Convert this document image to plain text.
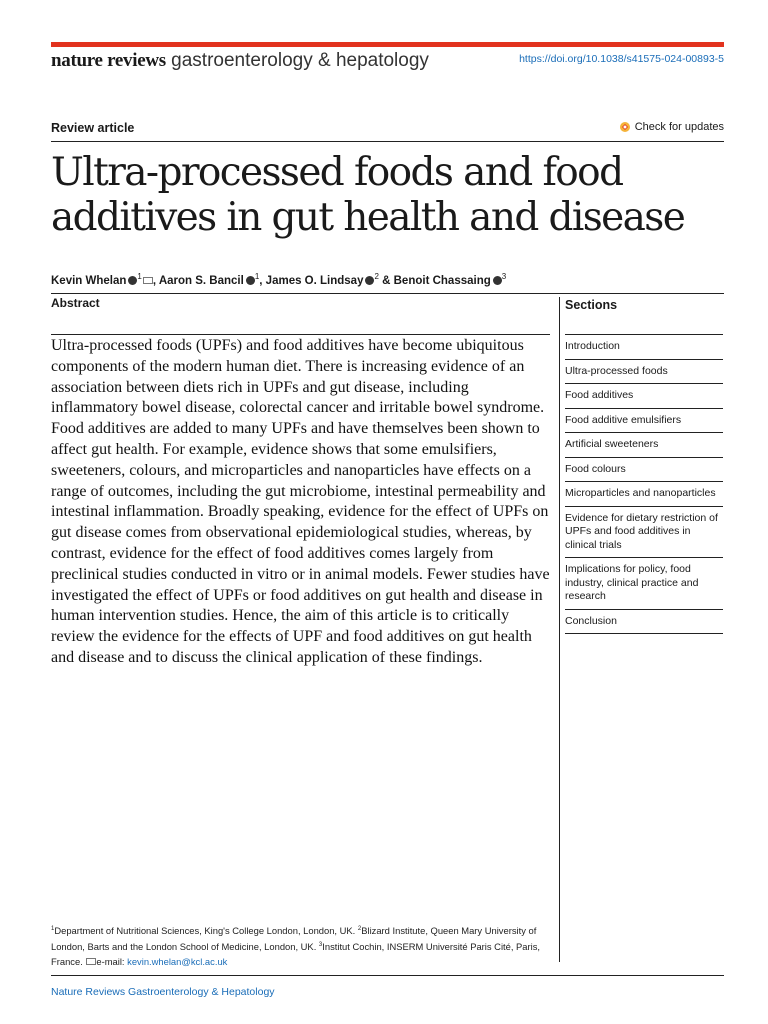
nature reviews gastroenterology & hepatology	https://doi.org/10.1038/s41575-024-00893-5
Review article	Check for updates
Ultra-processed foods and food additives in gut health and disease
Kevin Whelan $^1$ , Aaron S. Bancil $^1$, James O. Lindsay $^2$ & Benoit Chassaing $^3$
Abstract

Ultra-processed foods (UPFs) and food additives have become ubiquitous components of the modern human diet. There is increasing evidence of an association between diets rich in UPFs and gut disease, including inflammatory bowel disease, colorectal cancer and irritable bowel syndrome. Food additives are added to many UPFs and have themselves been shown to affect gut health. For example, evidence shows that some emulsifiers, sweeteners, colours, and microparticles and nanoparticles have effects on a range of outcomes, including the gut microbiome, intestinal permeability and intestinal inflammation. Broadly speaking, evidence for the effect of UPFs on gut disease comes from observational epidemiological studies, whereas, by contrast, evidence for the effect of food additives comes largely from preclinical studies conducted in vitro or in animal models. Fewer studies have investigated the effect of UPFs or food additives on gut health and disease in human intervention studies. Hence, the aim of this article is to critically review the evidence for the effects of UPF and food additives on gut health and disease and to discuss the clinical application of these findings.

Sections
Introduction
Ultra-processed foods
Food additives
Food additive emulsifiers
Artificial sweeteners
Food colours
Microparticles and nanoparticles
Evidence for dietary restriction of UPFs and food additives in clinical trials
Implications for policy, food industry, clinical practice and research
Conclusion

$^1$Department of Nutritional Sciences, King's College London, London, UK. $^2$Blizard Institute, Queen Mary University of London, Barts and the London School of Medicine, London, UK. $^3$Institut Cochin, INSERM Université Paris Cité, Paris, France. e-mail: kevin.whelan@kcl.ac.uk

Nature Reviews Gastroenterology & Hepatology
